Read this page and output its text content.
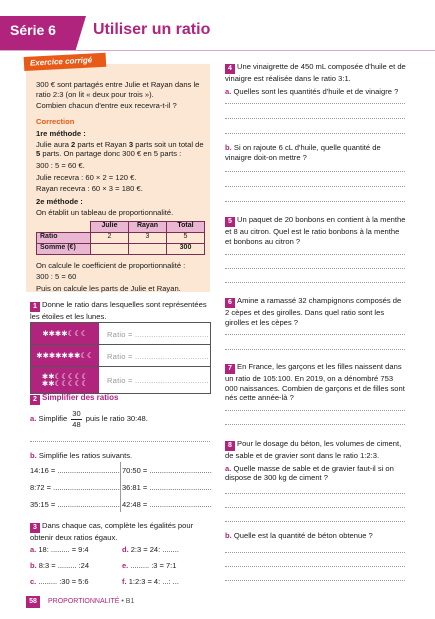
Série 6 Utiliser un ratio
Exercice corrigé

300 € sont partagés entre Julie et Rayan dans le ratio 2:3 (on lit « deux pour trois »).

Combien chacun d'entre eux recevra-t-il ?

Correction

1re méthode :

Julie aura 2 parts et Rayan 3 parts soit un total de 5 parts. On partage donc 300 € en 5 parts :

300 : 5 = 60 €.

Julie recevra : 60 × 2 = 120 €.

Rayan recevra : 60 × 3 = 180 €.

2e méthode :

On établit un tableau de proportionnalité.

	Julie	Rayan	Total
Ratio	2	3	5
Somme (€)			300

On calcule le coefficient de proportionnalité :

300 : 5 = 60

Puis on calcule les parts de Julie et Rayan.

1 Donne le ratio dans lesquelles sont représentées les étoiles et les lunes.
✱✱✱✱☾☾☾	Ratio = ................................
✱✱✱✱✱✱✱☾☾	Ratio = ................................
✱✱☾☾☾☾☾
✱✱☾☾☾☾☾ Ratio = ................................
2 Simplifier des ratios
a. Simplifie $\frac{30}{48}$ puis le ratio 30:48.
b. Simplifie les ratios suivants.
14:16 = .............................. 70:50 = ..............................
8:72 = ................................ 36:81 = ..............................
35:15 = .............................. 42:48 = ..............................
3 Dans chaque cas, complète les égalités pour obtenir deux ratios égaux.
a. 18: ......... = 9:4	d. 2:3 = 24: ........
b. 8:3 = ......... :24	e. ......... :3 = 7:1
c. ......... :30 = 5:6	f. 1:2:3 = 4: ...: ...
4 Une vinaigrette de 450 mL composée d'huile et de vinaigre est réalisée dans le ratio 3:1.

a. Quelles sont les quantités d'huile et de vinaigre ?

b. Si on rajoute 6 cL d'huile, quelle quantité de vinaigre doit-on mettre ?
5 Un paquet de 20 bonbons en contient à la menthe et 8 au citron. Quel est le ratio bonbons à la menthe et bonbons au citron ?
6 Amine a ramassé 32 champignons composés de 2 cèpes et des girolles. Dans quel ratio sont les girolles et les cèpes ?
7 En France, les garçons et les filles naissent dans un ratio de 105:100. En 2019, on a dénombré 753 000 naissances. Combien de garçons et de filles sont nés cette année-là ?
8 Pour le dosage du béton, les volumes de ciment, de sable et de gravier sont dans le ratio 1:2:3.

a. Quelle masse de sable et de gravier faut-il si on dispose de 300 kg de ciment ?

b. Quelle est la quantité de béton obtenue ?
58	PROPORTIONNALITÉ • B1
